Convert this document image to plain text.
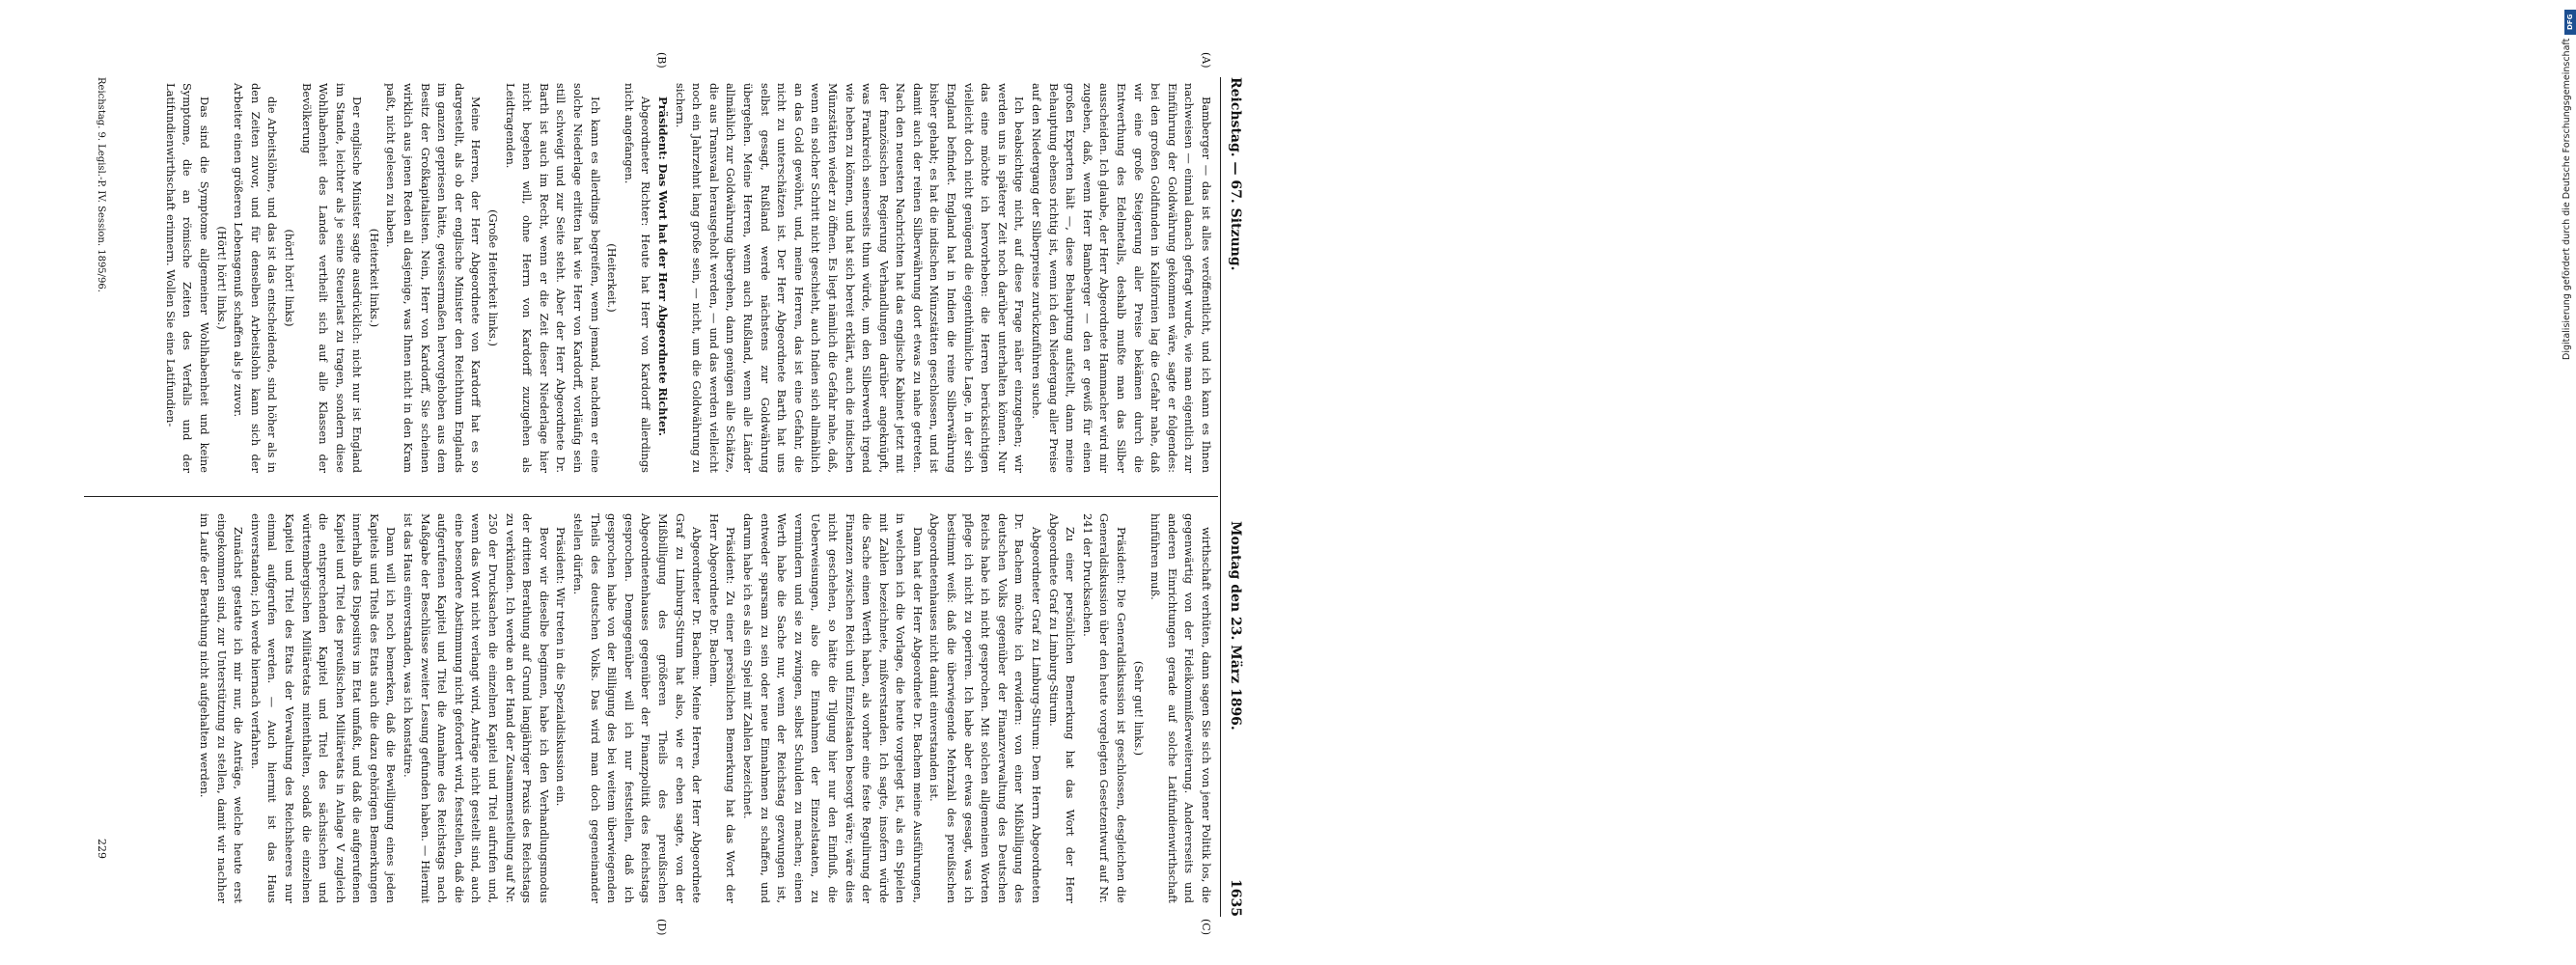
DFG
Digitalisierung gefördert durch die Deutsche Forschungsgemeinschaft
Reichstag. — 67. Sitzung.
Montag den 23. März 1896.
1635
(A)
(B)
(C)
(D)

Bamberger — das ist alles veröffentlicht, und ich kann es Ihnen nachweisen — einmal danach gefragt wurde, wie man eigentlich zur Einführung der Goldwährung gekommen wäre, sagte er folgendes: bei den großen Goldfunden in Kalifornien lag die Gefahr nahe, daß wir eine große Steigerung aller Preise bekämen durch die Entwerthung des Edelmetalls, deshalb mußte man das Silber ausscheiden. Ich glaube, der Herr Abgeordnete Hammacher wird mir zugeben, daß, wenn Herr Bamberger — den er gewiß für einen großen Experten hält —, diese Behauptung aufstellt, dann meine Behauptung ebenso richtig ist, wenn ich den Niedergang aller Preise auf den Niedergang der Silberpreise zurückzuführen suche.

Ich beabsichtige nicht, auf diese Frage näher einzugehen; wir werden uns in späterer Zeit noch darüber unterhalten können. Nur das eine möchte ich hervorheben: die Herren berücksichtigen vielleicht doch nicht genügend die eigenthümliche Lage, in der sich England befindet. England hat in Indien die reine Silberwährung bisher gehabt; es hat die indischen Münzstätten geschlossen, und ist damit auch der reinen Silberwährung dort etwas zu nahe getreten. Nach den neuesten Nachrichten hat das englische Kabinet jetzt mit der französischen Regierung Verhandlungen darüber angeknüpft, was Frankreich seinerseits thun würde, um den Silberwerth irgend wie heben zu können, und hat sich bereit erklärt, auch die indischen Münzstätten wieder zu öffnen. Es liegt nämlich die Gefahr nahe, daß, wenn ein solcher Schritt nicht geschieht, auch Indien sich allmählich an das Gold gewöhnt, und, meine Herren, das ist eine Gefahr, die nicht zu unterschätzen ist. Der Herr Abgeordnete Barth hat uns selbst gesagt, Rußland werde nächstens zur Goldwährung übergehen. Meine Herren, wenn auch Rußland, wenn alle Länder allmählich zur Goldwährung übergehen, dann genügen alle Schätze, die aus Transvaal herausgeholt werden, — und das werden vielleicht noch ein Jahrzehnt lang große sein, — nicht, um die Goldwährung zu sichern.

Präsident: Das Wort hat der Herr Abgeordnete Richter.

Abgeordneter Richter: Heute hat Herr von Kardorff allerdings nicht angefangen.

(Heiterkeit.)

Ich kann es allerdings begreifen, wenn jemand, nachdem er eine solche Niederlage erlitten hat wie Herr von Kardorff, vorläufig sein still schweigt und zur Seite steht. Aber der Herr Abgeordnete Dr. Barth ist auch im Recht, wenn er die Zeit dieser Niederlage hier nicht begehen will, ohne Herrn von Kardorff zuzugehen als Leidtragenden.

(Große Heiterkeit links.)

Meine Herren, der Herr Abgeordnete von Kardorff hat es so dargestellt, als ob der englische Minister den Reichthum Englands im ganzen gepriesen hätte, gewissermaßen hervorgehoben aus dem Besitz der Großkapitalisten. Nein, Herr von Kardorff, Sie scheinen wirklich aus jenen Reden all dasjenige, was Ihnen nicht in den Kram paßt, nicht gelesen zu haben.

(Heiterkeit links.)

Der englische Minister sagte ausdrücklich: nicht nur ist England im Stande, leichter als je seine Steuerlast zu tragen, sondern diese Wohlhabenheit des Landes vertheilt sich auf alle Klassen der Bevölkerung

(hört! hört! links)

die Arbeitslöhne, und das ist das entscheidende, sind höher als in den Zeiten zuvor, und für denselben Arbeitslohn kann sich der Arbeiter einen größeren Lebensgenuß schaffen als je zuvor.

(Hört! hört! links.)

Das sind die Symptome allgemeiner Wohlhabenheit und keine Symptome, die an römische Zeiten des Verfalls und der Latifundienwirthschaft erinnern. Wollen Sie eine Latifundien-

wirthschaft verhüten, dann sagen Sie sich von jener Politik los, die gegenwärtig von der Fideikommißerweiterung. Andererseits und anderen Einrichtungen gerade auf solche Latifundienwirthschaft hinführen muß.

(Sehr gut! links.)

Präsident: Die Generaldiskussion ist geschlossen, desgleichen die Generaldiskussion über den heute vorgelegten Gesetzentwurf auf Nr. 241 der Drucksachen.

Zu einer persönlichen Bemerkung hat das Wort der Herr Abgeordnete Graf zu Limburg-Stirum.

Abgeordneter Graf zu Limburg-Stirum: Dem Herrn Abgeordneten Dr. Bachem möchte ich erwidern: von einer Mißbilligung des deutschen Volks gegenüber der Finanzverwaltung des Deutschen Reichs habe ich nicht gesprochen. Mit solchen allgemeinen Worten pflege ich nicht zu operiren. Ich habe aber etwas gesagt, was ich bestimmt weiß: daß die überwiegende Mehrzahl des preußischen Abgeordnetenhauses nicht damit einverstanden ist.

Dann hat der Herr Abgeordnete Dr. Bachem meine Ausführungen, in welchen ich die Vorlage, die heute vorgelegt ist, als ein Spielen mit Zahlen bezeichnete, mißverstanden. Ich sagte, insofern würde die Sache einen Werth haben, als vorher eine feste Regulirung der Finanzen zwischen Reich und Einzelstaaten besorgt wäre; wäre dies nicht geschehen, so hätte die Tilgung hier nur den Einfluß, die Ueberweisungen, also die Einnahmen der Einzelstaaten, zu vermindern und sie zu zwingen, selbst Schulden zu machen; einen Werth habe die Sache nur, wenn der Reichstag gezwungen ist, entweder sparsam zu sein oder neue Einnahmen zu schaffen, und darum habe ich es als ein Spiel mit Zahlen bezeichnet.

Präsident: Zu einer persönlichen Bemerkung hat das Wort der Herr Abgeordnete Dr. Bachem.

Abgeordneter Dr. Bachem: Meine Herren, der Herr Abgeordnete Graf zu Limburg-Stirum hat also, wie er eben sagte, von der Mißbilligung des größeren Theils des preußischen Abgeordnetenhauses gegenüber der Finanzpolitik des Reichstags gesprochen. Demgegenüber will ich nur feststellen, daß ich gesprochen habe von der Billigung des bei weitem überwiegenden Theils des deutschen Volks. Das wird man doch gegeneinander stellen dürfen.

Präsident: Wir treten in die Spezialdiskussion ein.

Bevor wir dieselbe beginnen, habe ich den Verhandlungsmodus der dritten Berathung auf Grund langjähriger Praxis des Reichstags zu verkünden. Ich werde an der Hand der Zusammenstellung auf Nr. 250 der Drucksachen die einzelnen Kapitel und Titel aufrufen und, wenn das Wort nicht verlangt wird, Anträge nicht gestellt sind, auch eine besondere Abstimmung nicht gefordert wird, feststellen, daß die aufgerufenen Kapitel und Titel die Annahme des Reichstags nach Maßgabe der Beschlüsse zweiter Lesung gefunden haben. — Hiermit ist das Haus einverstanden, was ich konstatire.

Dann will ich noch bemerken, daß die Bewilligung eines jeden Kapitels und Titels des Etats auch die dazu gehörigen Bemerkungen innerhalb des Dispositivs im Etat umfaßt, und daß die aufgerufenen Kapitel und Titel des preußischen Militäretats in Anlage V zugleich die entsprechenden Kapitel und Titel des sächsischen und württembergischen Militäretats mitenthalten, sodaß die einzelnen Kapitel und Titel des Etats der Verwaltung des Reichsheeres nur einmal aufgerufen werden. — Auch hiermit ist das Haus einverstanden; ich werde hiernach verfahren.

Zunächst gestatte ich mir nur, die Anträge, welche heute erst eingekommen sind, zur Unterstützung zu stellen, damit wir nachher im Laufe der Berathung nicht aufgehalten werden.

Reichstag. 9. Legisl.-P. IV. Session. 1895/96.
229
